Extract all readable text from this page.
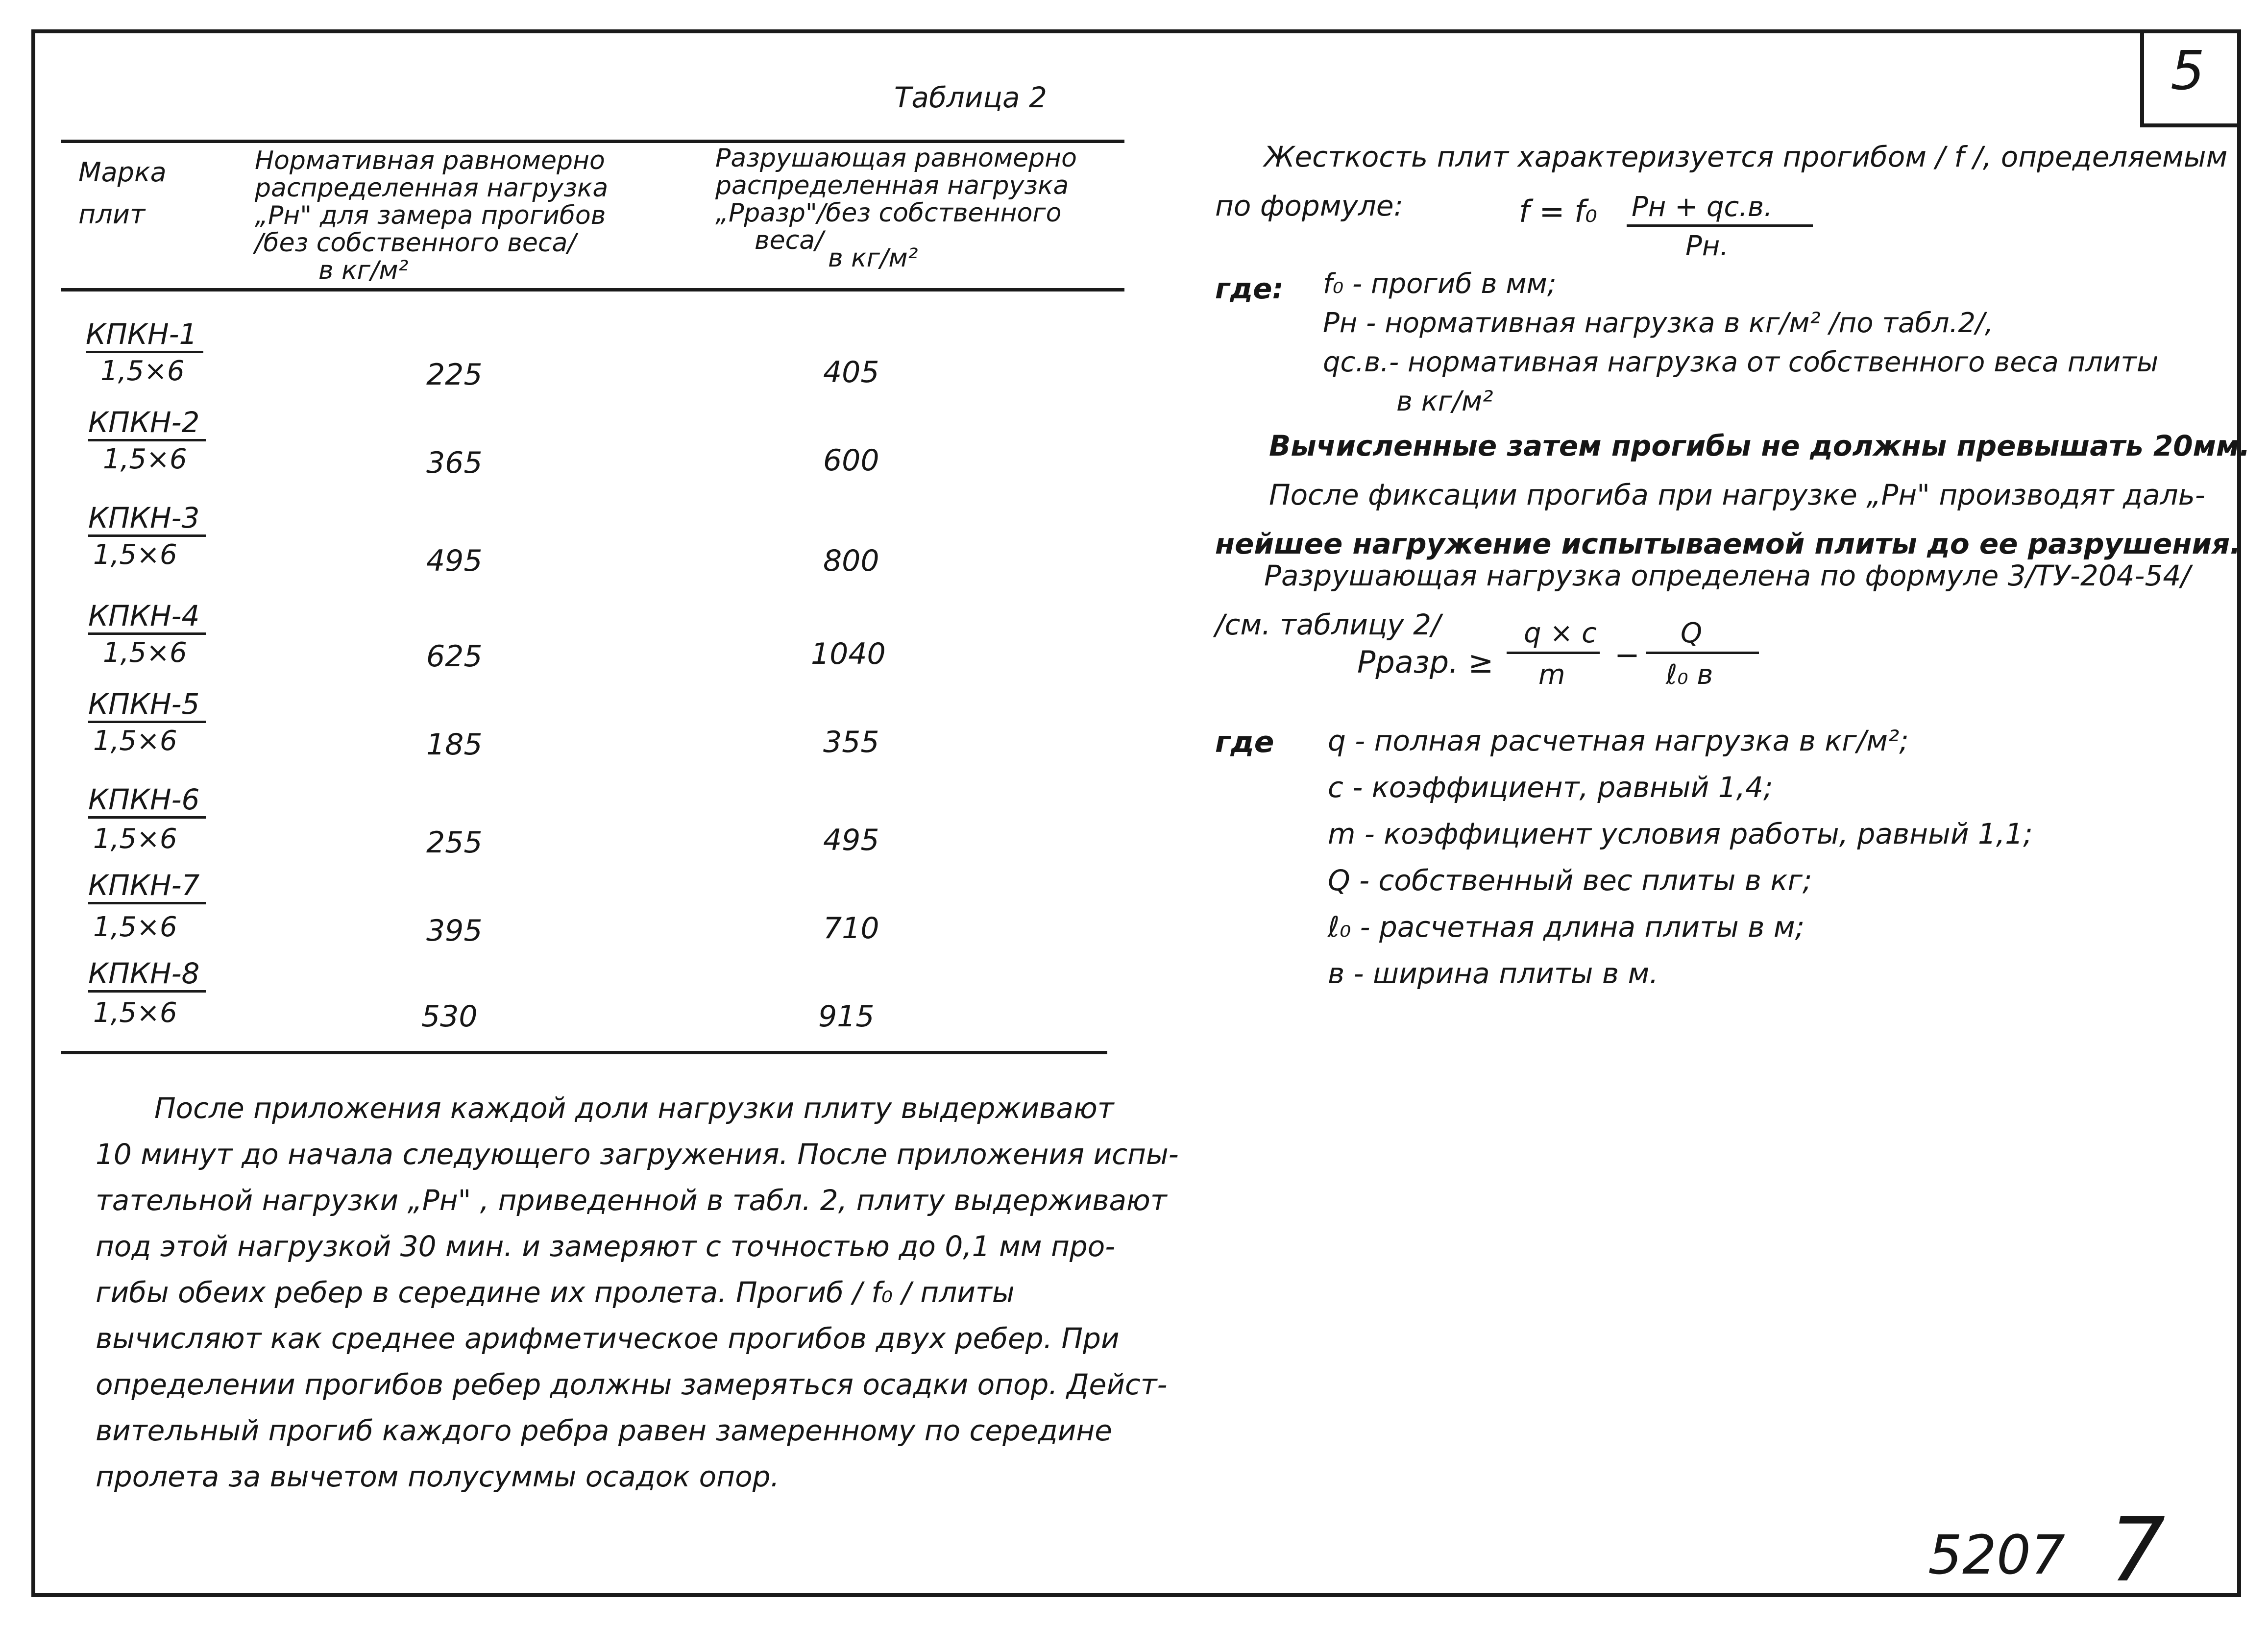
5
Таблица 2
Марка
плит
Нормативная равномерно
распределенная нагрузка
„Рн" для замера прогибов
/без собственного веса/
в кг/м²
Разрушающая равномерно
распределенная нагрузка
„Рразр"/без собственного
веса/
в кг/м²
КПКН-1
1,5×6	225	405
КПКН-2
1,5×6	365	600
КПКН-3
1,5×6	495	800
КПКН-4
1,5×6	625	1040
КПКН-5
1,5×6	185	355
КПКН-6
1,5×6	255	495
КПКН-7
1,5×6	395	710
КПКН-8
1,5×6	530	915
После приложения каждой доли нагрузки плиту выдерживают
10 минут до начала следующего загружения. После приложения испы-
тательной нагрузки „Рн" , приведенной в табл. 2, плиту выдерживают
под этой нагрузкой 30 мин. и замеряют с точностью до 0,1 мм про-
гибы обеих ребер в середине их пролета. Прогиб / f₀ / плиты
вычисляют как среднее арифметическое прогибов двух ребер. При
определении прогибов ребер должны замеряться осадки опор. Дейст-
вительный прогиб каждого ребра равен замеренному по середине
пролета за вычетом полусуммы осадок опор.
Жесткость плит характеризуется прогибом / f /, определяемым
по формуле:	f = f₀ Pн + qс.в.
Pн.
где: f₀ - прогиб в мм;
Pн - нормативная нагрузка в кг/м² /по табл.2/,
qс.в.- нормативная нагрузка от собственного веса плиты
в кг/м²
Вычисленные затем прогибы не должны превышать 20мм.
После фиксации прогиба при нагрузке „Рн" производят даль-
нейшее нагружение испытываемой плиты до ее разрушения.
Разрушающая нагрузка определена по формуле 3/ТУ-204-54/
/см. таблицу 2/
Pразр. ≥
q × c
m
−
Q
ℓ₀ в
где q - полная расчетная нагрузка в кг/м²;
c - коэффициент, равный 1,4;
m - коэффициент условия работы, равный 1,1;
Q - собственный вес плиты в кг;
ℓ₀ - расчетная длина плиты в м;
в - ширина плиты в м.
5207 7
